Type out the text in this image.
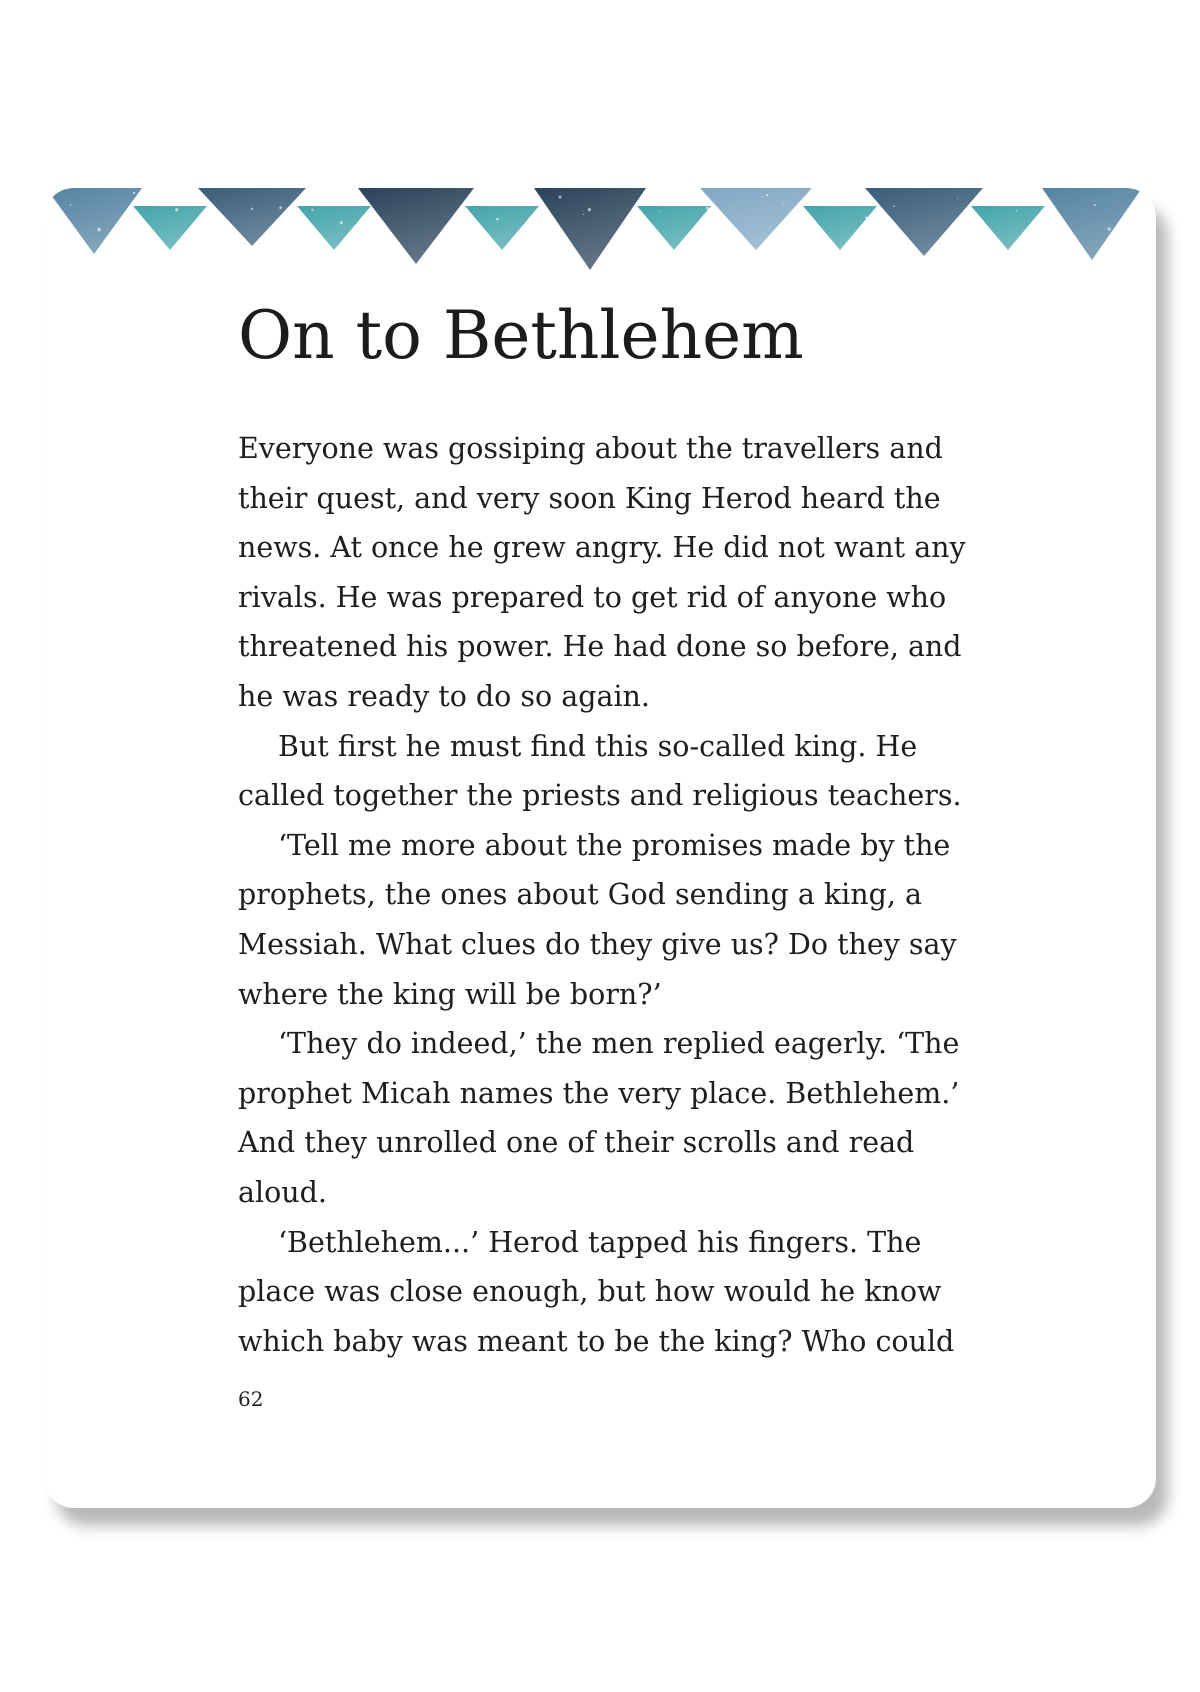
On to Bethlehem
Everyone was gossiping about the travellers and
their quest, and very soon King Herod heard the
news. At once he grew angry. He did not want any
rivals. He was prepared to get rid of anyone who
threatened his power. He had done so before, and
he was ready to do so again.
But first he must find this so-called king. He
called together the priests and religious teachers.
‘Tell me more about the promises made by the
prophets, the ones about God sending a king, a
Messiah. What clues do they give us? Do they say
where the king will be born?’
‘They do indeed,’ the men replied eagerly. ‘The
prophet Micah names the very place. Bethlehem.’
And they unrolled one of their scrolls and read
aloud.
‘Bethlehem...’ Herod tapped his fingers. The
place was close enough, but how would he know
which baby was meant to be the king? Who could
62
